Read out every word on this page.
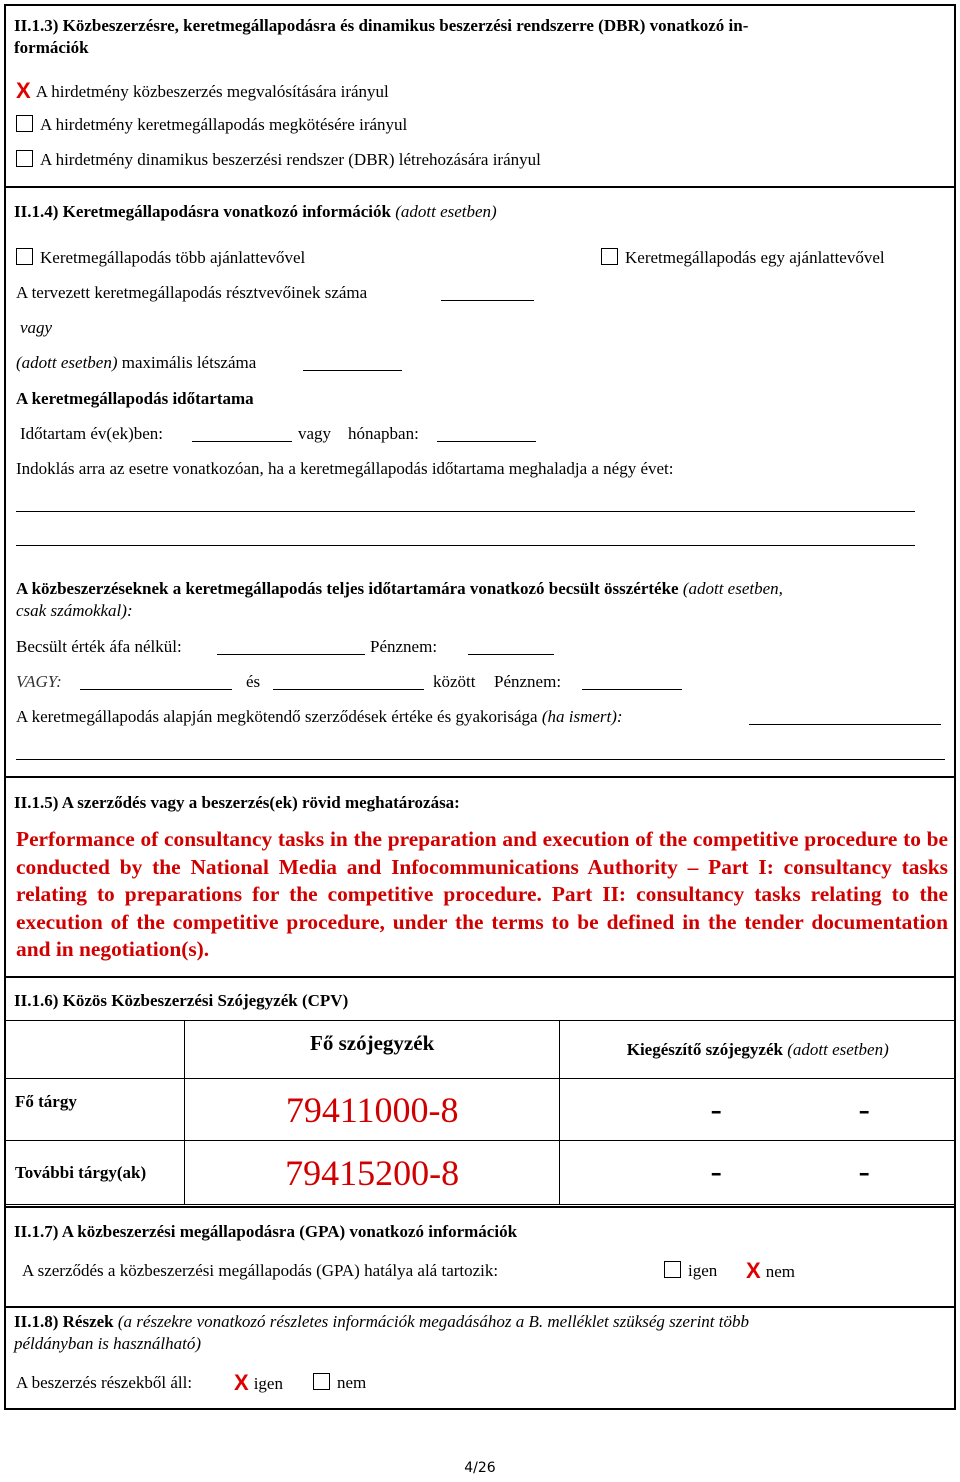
II.1.3) Közbeszerzésre, keretmegállapodásra és dinamikus beszerzési rendszerre (DBR) vonatkozó in-
formációk
X A hirdetmény közbeszerzés megvalósítására irányul
A hirdetmény keretmegállapodás megkötésére irányul
A hirdetmény dinamikus beszerzési rendszer (DBR) létrehozására irányul
II.1.4) Keretmegállapodásra vonatkozó információk (adott esetben)
Keretmegállapodás több ajánlattevővel	Keretmegállapodás egy ajánlattevővel
A tervezett keretmegállapodás résztvevőinek száma
vagy
(adott esetben) maximális létszáma
A keretmegállapodás időtartama
Időtartam év(ek)ben:	vagy hónapban:
Indoklás arra az esetre vonatkozóan, ha a keretmegállapodás időtartama meghaladja a négy évet:
A közbeszerzéseknek a keretmegállapodás teljes időtartamára vonatkozó becsült összértéke (adott esetben,
csak számokkal):
Becsült érték áfa nélkül:	Pénznem:
VAGY:	és	között Pénznem:
A keretmegállapodás alapján megkötendő szerződések értéke és gyakorisága (ha ismert):
II.1.5) A szerződés vagy a beszerzés(ek) rövid meghatározása:
Performance of consultancy tasks in the preparation and execution of the competitive procedure to be conducted by the National Media and Infocommunications Authority – Part I: consultancy tasks relating to preparations for the competitive procedure. Part II: consultancy tasks relating to the execution of the competitive procedure, under the terms to be defined in the tender documentation and in negotiation(s).
II.1.6) Közös Közbeszerzési Szójegyzék (CPV)
	Fő szójegyzék	Kiegészítő szójegyzék (adott esetben)
Fő tárgy	79411000-8	- -

További tárgy(ak)	79415200-8	- -
II.1.7) A közbeszerzési megállapodásra (GPA) vonatkozó információk
A szerződés a közbeszerzési megállapodás (GPA) hatálya alá tartozik:	igen X nem
II.1.8) Részek (a részekre vonatkozó részletes információk megadásához a B. melléklet szükség szerint több
példányban is használható)
A beszerzés részekből áll: X igen	nem
4/26
